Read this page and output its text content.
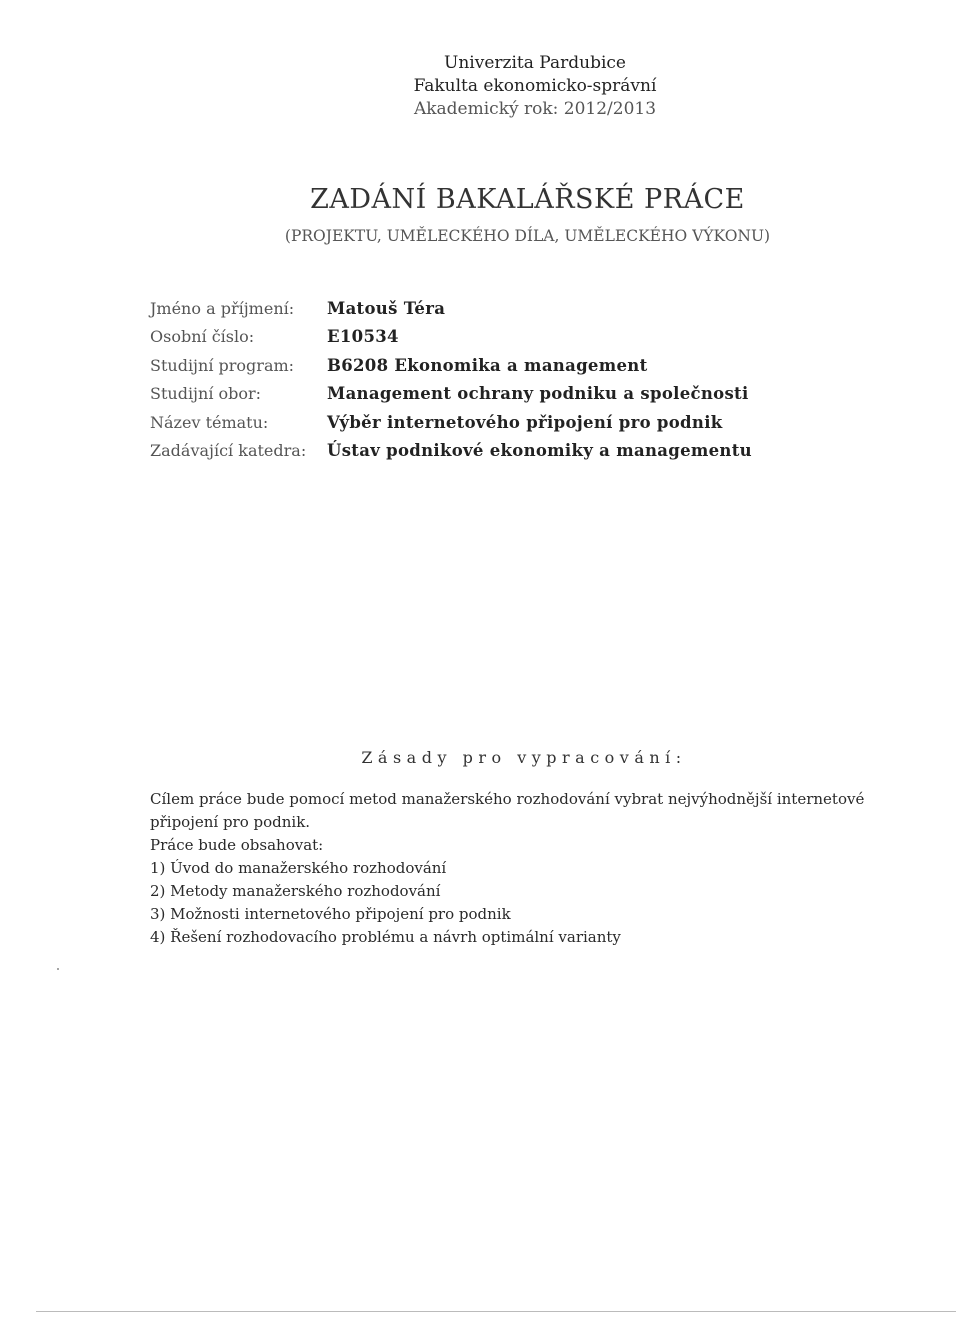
Univerzita Pardubice
Fakulta ekonomicko-správní
Akademický rok: 2012/2013
ZADÁNÍ BAKALÁŘSKÉ PRÁCE
(PROJEKTU, UMĚLECKÉHO DÍLA, UMĚLECKÉHO VÝKONU)
Jméno a příjmení:	Matouš Téra
Osobní číslo:	E10534
Studijní program:	B6208 Ekonomika a management
Studijní obor:	Management ochrany podniku a společnosti
Název tématu:	Výběr internetového připojení pro podnik
Zadávající katedra:	Ústav podnikové ekonomiky a managementu
Zásady pro vypracování:

Cílem práce bude pomocí metod manažerského rozhodování vybrat nejvýhodnější internetové připojení pro podnik.

Práce bude obsahovat:

1) Úvod do manažerského rozhodování

2) Metody manažerského rozhodování

3) Možnosti internetového připojení pro podnik

4) Řešení rozhodovacího problému a návrh optimální varianty
